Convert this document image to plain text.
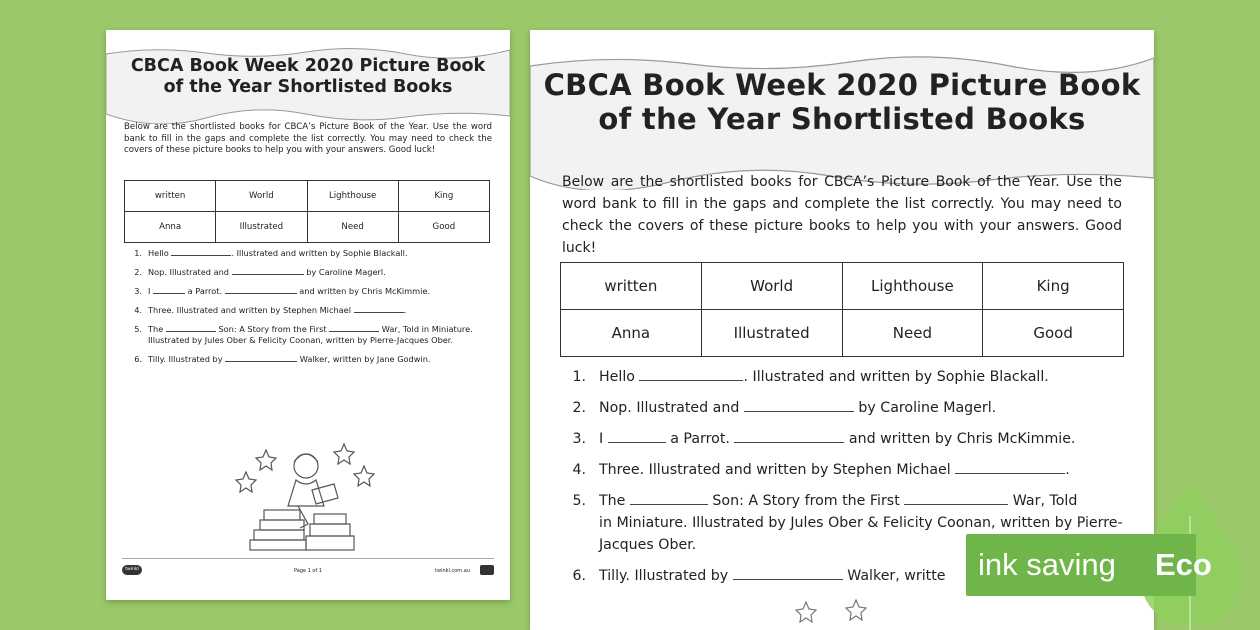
CBCA Book Week 2020 Picture Book
of the Year Shortlisted Books

Below are the shortlisted books for CBCA’s Picture Book of the Year. Use the word bank to fill in the gaps and complete the list correctly. You may need to check the covers of these picture books to help you with your answers. Good luck!

written	World	Lighthouse	King
Anna	Illustrated	Need	Good
1. Hello	. Illustrated and written by Sophie Blackall.
2. Nop. Illustrated and	by Caroline Magerl.
3. I	a Parrot.	and written by Chris McKimmie.
4. Three. Illustrated and written by Stephen Michael	.
5. The	Son: A Story from the First	War, Told in Miniature. Illustrated by Jules Ober & Felicity Coonan, written by Pierre-Jacques Ober.
6. Tilly. Illustrated by	Walker, written by Jane Godwin.
twinkl	Page 1 of 1	twinkl.com.au
CBCA Book Week 2020 Picture Book
of the Year Shortlisted Books

Below are the shortlisted books for CBCA’s Picture Book of the Year. Use the word bank to fill in the gaps and complete the list correctly. You may need to check the covers of these picture books to help you with your answers. Good luck!

written	World	Lighthouse	King
Anna	Illustrated	Need	Good
1. Hello	. Illustrated and written by Sophie Blackall.
2. Nop. Illustrated and	by Caroline Magerl.
3. I	a Parrot.	and written by Chris McKimmie.
4. Three. Illustrated and written by Stephen Michael	.
5. The	Son: A Story from the First	War, Told
in Miniature. Illustrated by Jules Ober & Felicity Coonan, written by Pierre-Jacques Ober.
6. Tilly. Illustrated by	Walker, writte ink saving Eco
